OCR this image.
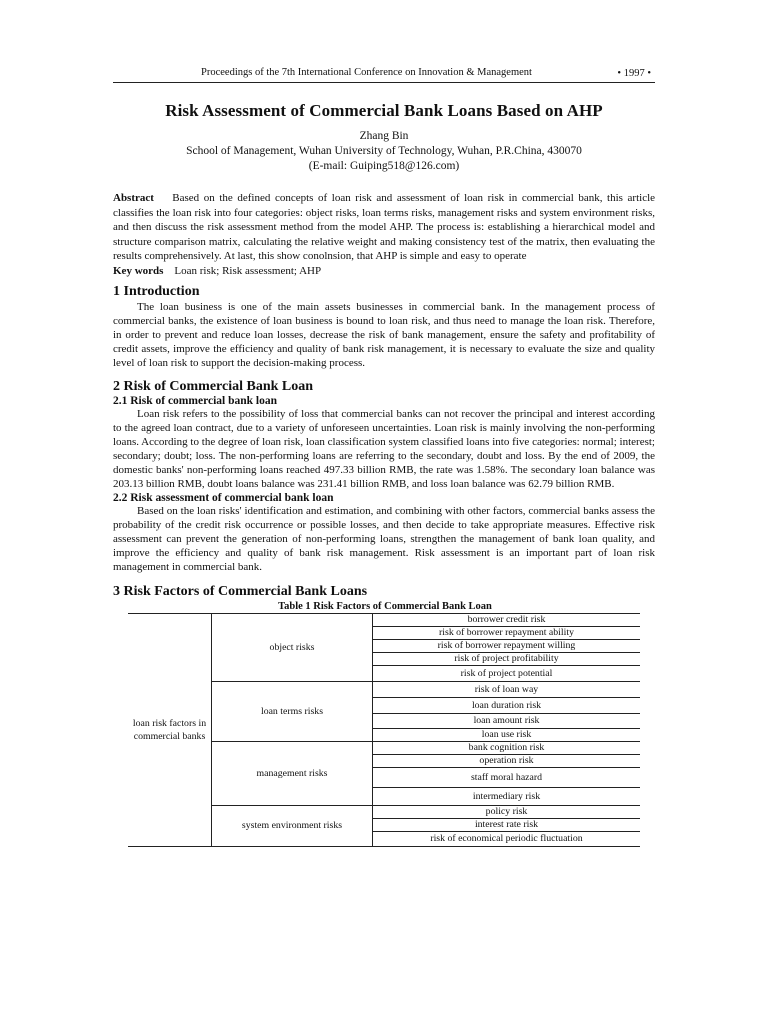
Proceedings of the 7th International Conference on Innovation & Management	• 1997 •
Risk Assessment of Commercial Bank Loans Based on AHP
Zhang Bin
School of Management, Wuhan University of Technology, Wuhan, P.R.China, 430070
(E-mail: Guiping518@126.com)

Abstract Based on the defined concepts of loan risk and assessment of loan risk in commercial bank, this article classifies the loan risk into four categories: object risks, loan terms risks, management risks and system environment risks, and then discuss the risk assessment method from the model AHP. The process is: establishing a hierarchical model and structure comparison matrix, calculating the relative weight and making consistency test of the matrix, then evaluating the results comprehensively. At last, this show conolnsion, that AHP is simple and easy to operate

Key words Loan risk; Risk assessment; AHP

1 Introduction

The loan business is one of the main assets businesses in commercial bank. In the management process of commercial banks, the existence of loan business is bound to loan risk, and thus need to manage the loan risk. Therefore, in order to prevent and reduce loan losses, decrease the risk of bank management, ensure the safety and profitability of credit assets, improve the efficiency and quality of bank risk management, it is necessary to evaluate the size and quality level of loan risk to support the decision-making process.

2 Risk of Commercial Bank Loan
2.1 Risk of commercial bank loan

Loan risk refers to the possibility of loss that commercial banks can not recover the principal and interest according to the agreed loan contract, due to a variety of unforeseen uncertainties. Loan risk is mainly involving the non-performing loans. According to the degree of loan risk, loan classification system classified loans into five categories: normal; interest; secondary; doubt; loss. The non-performing loans are referring to the secondary, doubt and loss. By the end of 2009, the domestic banks' non-performing loans reached 497.33 billion RMB, the rate was 1.58%. The secondary loan balance was 203.13 billion RMB, doubt loans balance was 231.41 billion RMB, and loss loan balance was 62.79 billion RMB.

2.2 Risk assessment of commercial bank loan

Based on the loan risks' identification and estimation, and combining with other factors, commercial banks assess the probability of the credit risk occurrence or possible losses, and then decide to take appropriate measures. Effective risk assessment can prevent the generation of non-performing loans, strengthen the management of bank loan quality, and improve the efficiency and quality of bank risk management. Risk assessment is an important part of loan risk management in commercial bank.

3 Risk Factors of Commercial Bank Loans
Table 1 Risk Factors of Commercial Bank Loan
loan risk factors in commercial banks	object risks	borrower credit risk
		risk of borrower repayment ability
		risk of borrower repayment willing
		risk of project profitability
		risk of project potential
	loan terms risks	risk of loan way
		loan duration risk
		loan amount risk
		loan use risk
	management risks	bank cognition risk
		operation risk
		staff moral hazard
		intermediary risk
	system environment risks	policy risk
		interest rate risk
		risk of economical periodic fluctuation
